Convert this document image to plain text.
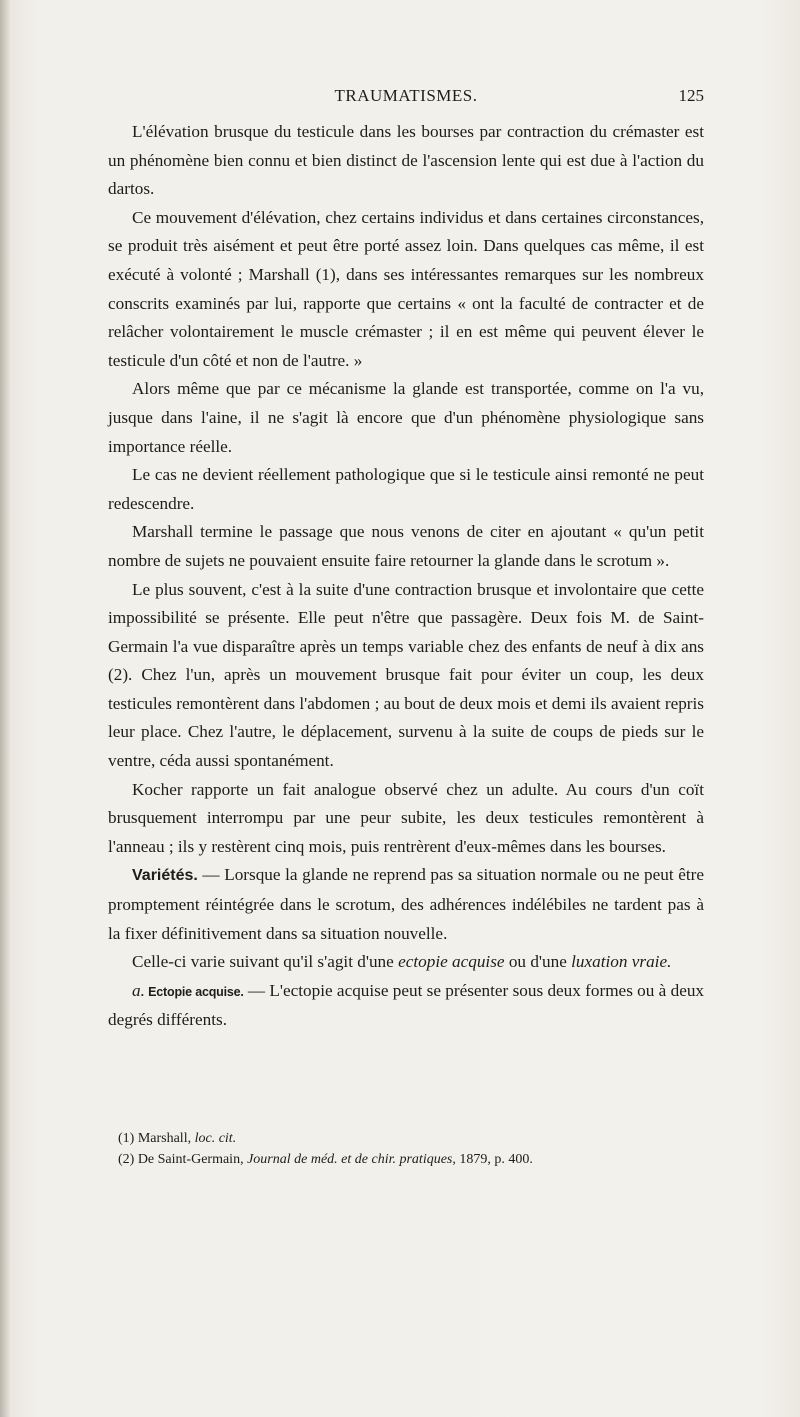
TRAUMATISMES.	125

L'élévation brusque du testicule dans les bourses par contraction du crémaster est un phénomène bien connu et bien distinct de l'ascension lente qui est due à l'action du dartos.

Ce mouvement d'élévation, chez certains individus et dans certaines circonstances, se produit très aisément et peut être porté assez loin. Dans quelques cas même, il est exécuté à volonté ; Marshall (1), dans ses intéressantes remarques sur les nombreux conscrits examinés par lui, rapporte que certains « ont la faculté de contracter et de relâcher volontairement le muscle crémaster ; il en est même qui peuvent élever le testicule d'un côté et non de l'autre. »

Alors même que par ce mécanisme la glande est transportée, comme on l'a vu, jusque dans l'aine, il ne s'agit là encore que d'un phénomène physiologique sans importance réelle.

Le cas ne devient réellement pathologique que si le testicule ainsi remonté ne peut redescendre.

Marshall termine le passage que nous venons de citer en ajoutant « qu'un petit nombre de sujets ne pouvaient ensuite faire retourner la glande dans le scrotum ».

Le plus souvent, c'est à la suite d'une contraction brusque et involontaire que cette impossibilité se présente. Elle peut n'être que passagère. Deux fois M. de Saint-Germain l'a vue disparaître après un temps variable chez des enfants de neuf à dix ans (2). Chez l'un, après un mouvement brusque fait pour éviter un coup, les deux testicules remontèrent dans l'abdomen ; au bout de deux mois et demi ils avaient repris leur place. Chez l'autre, le déplacement, survenu à la suite de coups de pieds sur le ventre, céda aussi spontanément.

Kocher rapporte un fait analogue observé chez un adulte. Au cours d'un coït brusquement interrompu par une peur subite, les deux testicules remontèrent à l'anneau ; ils y restèrent cinq mois, puis rentrèrent d'eux-mêmes dans les bourses.

Variétés. — Lorsque la glande ne reprend pas sa situation normale ou ne peut être promptement réintégrée dans le scrotum, des adhérences indélébiles ne tardent pas à la fixer définitivement dans sa situation nouvelle.

Celle-ci varie suivant qu'il s'agit d'une ectopie acquise ou d'une luxation vraie.

a. Ectopie acquise. — L'ectopie acquise peut se présenter sous deux formes ou à deux degrés différents.

(1) Marshall, loc. cit.

(2) De Saint-Germain, Journal de méd. et de chir. pratiques, 1879, p. 400.
